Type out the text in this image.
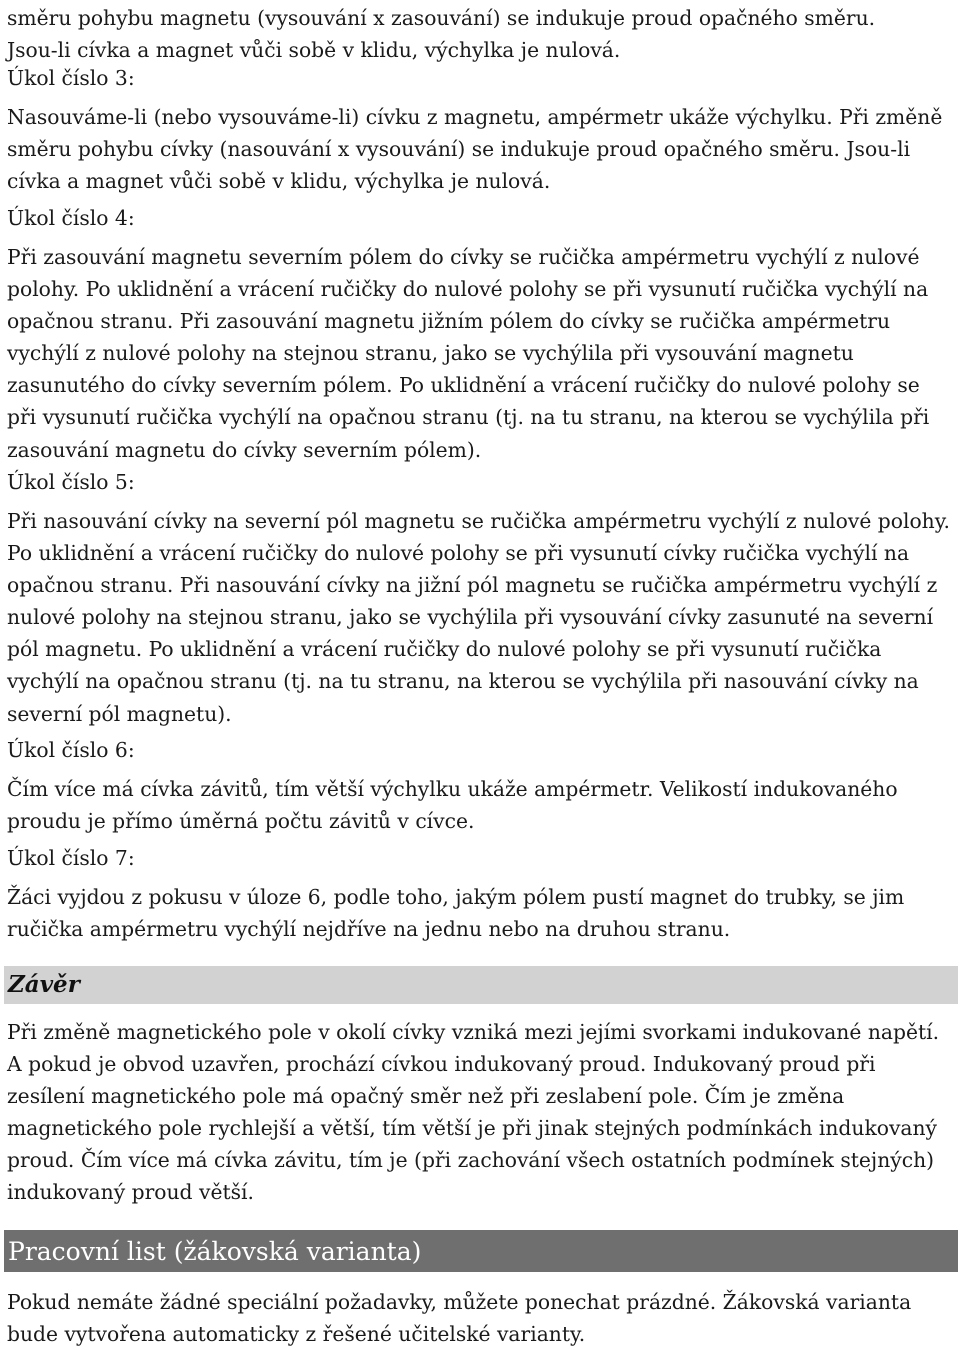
směru pohybu magnetu (vysouvání x zasouvání) se indukuje proud opačného směru.
Jsou-li cívka a magnet vůči sobě v klidu, výchylka je nulová.

Úkol číslo 3:

Nasouváme-li (nebo vysouváme-li) cívku z magnetu, ampérmetr ukáže výchylku. Při změně směru pohybu cívky (nasouvání x vysouvání) se indukuje proud opačného směru. Jsou-li cívka a magnet vůči sobě v klidu, výchylka je nulová.

Úkol číslo 4:

Při zasouvání magnetu severním pólem do cívky se ručička ampérmetru vychýlí z nulové polohy. Po uklidnění a vrácení ručičky do nulové polohy se při vysunutí ručička vychýlí na opačnou stranu. Při zasouvání magnetu jižním pólem do cívky se ručička ampérmetru vychýlí z nulové polohy na stejnou stranu, jako se vychýlila při vysouvání magnetu zasunutého do cívky severním pólem. Po uklidnění a vrácení ručičky do nulové polohy se při vysunutí ručička vychýlí na opačnou stranu (tj. na tu stranu, na kterou se vychýlila při zasouvání magnetu do cívky severním pólem).

Úkol číslo 5:

Při nasouvání cívky na severní pól magnetu se ručička ampérmetru vychýlí z nulové polohy. Po uklidnění a vrácení ručičky do nulové polohy se při vysunutí cívky ručička vychýlí na opačnou stranu. Při nasouvání cívky na jižní pól magnetu se ručička ampérmetru vychýlí z nulové polohy na stejnou stranu, jako se vychýlila při vysouvání cívky zasunuté na severní pól magnetu. Po uklidnění a vrácení ručičky do nulové polohy se při vysunutí ručička vychýlí na opačnou stranu (tj. na tu stranu, na kterou se vychýlila při nasouvání cívky na severní pól magnetu).

Úkol číslo 6:

Čím více má cívka závitů, tím větší výchylku ukáže ampérmetr. Velikostí indukovaného proudu je přímo úměrná počtu závitů v cívce.

Úkol číslo 7:

Žáci vyjdou z pokusu v úloze 6, podle toho, jakým pólem pustí magnet do trubky, se jim ručička ampérmetru vychýlí nejdříve na jednu nebo na druhou stranu.

Závěr

Při změně magnetického pole v okolí cívky vzniká mezi jejími svorkami indukované napětí. A pokud je obvod uzavřen, prochází cívkou indukovaný proud. Indukovaný proud při zesílení magnetického pole má opačný směr než při zeslabení pole. Čím je změna magnetického pole rychlejší a větší, tím větší je při jinak stejných podmínkách indukovaný proud. Čím více má cívka závitu, tím je (při zachování všech ostatních podmínek stejných) indukovaný proud větší.

Pracovní list (žákovská varianta)

Pokud nemáte žádné speciální požadavky, můžete ponechat prázdné. Žákovská varianta bude vytvořena automaticky z řešené učitelské varianty.
